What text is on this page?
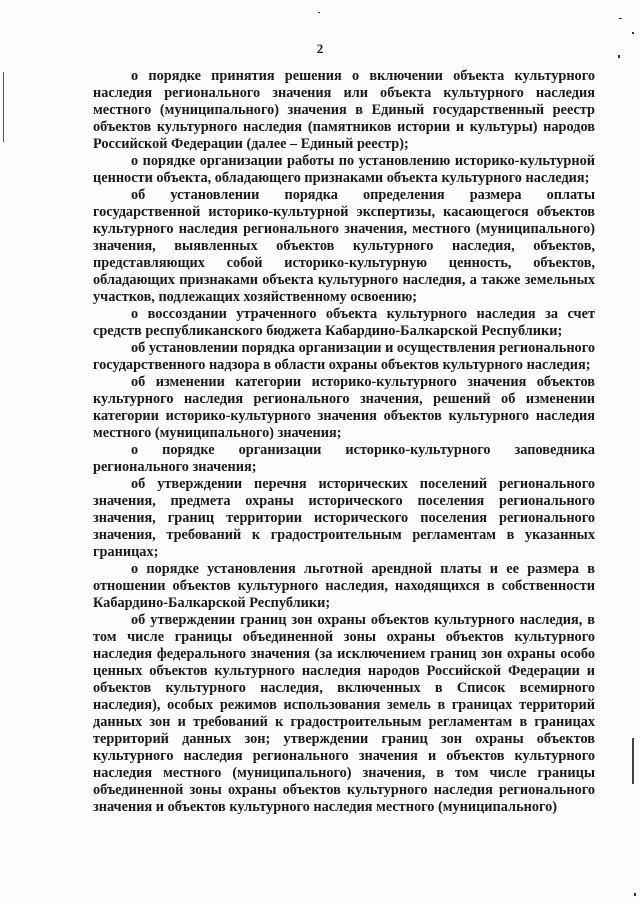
2

о порядке принятия решения о включении объекта культурного наследия регионального значения или объекта культурного наследия местного (муниципального) значения в Единый государственный реестр объектов культурного наследия (памятников истории и культуры) народов Российской Федерации (далее – Единый реестр);

о порядке организации работы по установлению историко-культурной ценности объекта, обладающего признаками объекта культурного наследия;

об установлении порядка определения размера оплаты государственной историко-культурной экспертизы, касающегося объектов культурного наследия регионального значения, местного (муниципального) значения, выявленных объектов культурного наследия, объектов, представляющих собой историко-культурную ценность, объектов, обладающих признаками объекта культурного наследия, а также земельных участков, подлежащих хозяйственному освоению;

о воссоздании утраченного объекта культурного наследия за счет средств республиканского бюджета Кабардино-Балкарской Республики;

об установлении порядка организации и осуществления регионального государственного надзора в области охраны объектов культурного наследия;

об изменении категории историко-культурного значения объектов культурного наследия регионального значения, решений об изменении категории историко-культурного значения объектов культурного наследия местного (муниципального) значения;

о порядке организации историко-культурного заповедника регионального значения;

об утверждении перечня исторических поселений регионального значения, предмета охраны исторического поселения регионального значения, границ территории исторического поселения регионального значения, требований к градостроительным регламентам в указанных границах;

о порядке установления льготной арендной платы и ее размера в отношении объектов культурного наследия, находящихся в собственности Кабардино-Балкарской Республики;

об утверждении границ зон охраны объектов культурного наследия, в том числе границы объединенной зоны охраны объектов культурного наследия федерального значения (за исключением границ зон охраны особо ценных объектов культурного наследия народов Российской Федерации и объектов культурного наследия, включенных в Список всемирного наследия), особых режимов использования земель в границах территорий данных зон и требований к градостроительным регламентам в границах территорий данных зон; утверждении границ зон охраны объектов культурного наследия регионального значения и объектов культурного наследия местного (муниципального) значения, в том числе границы объединенной зоны охраны объектов культурного наследия регионального значения и объектов культурного наследия местного (муниципального)
